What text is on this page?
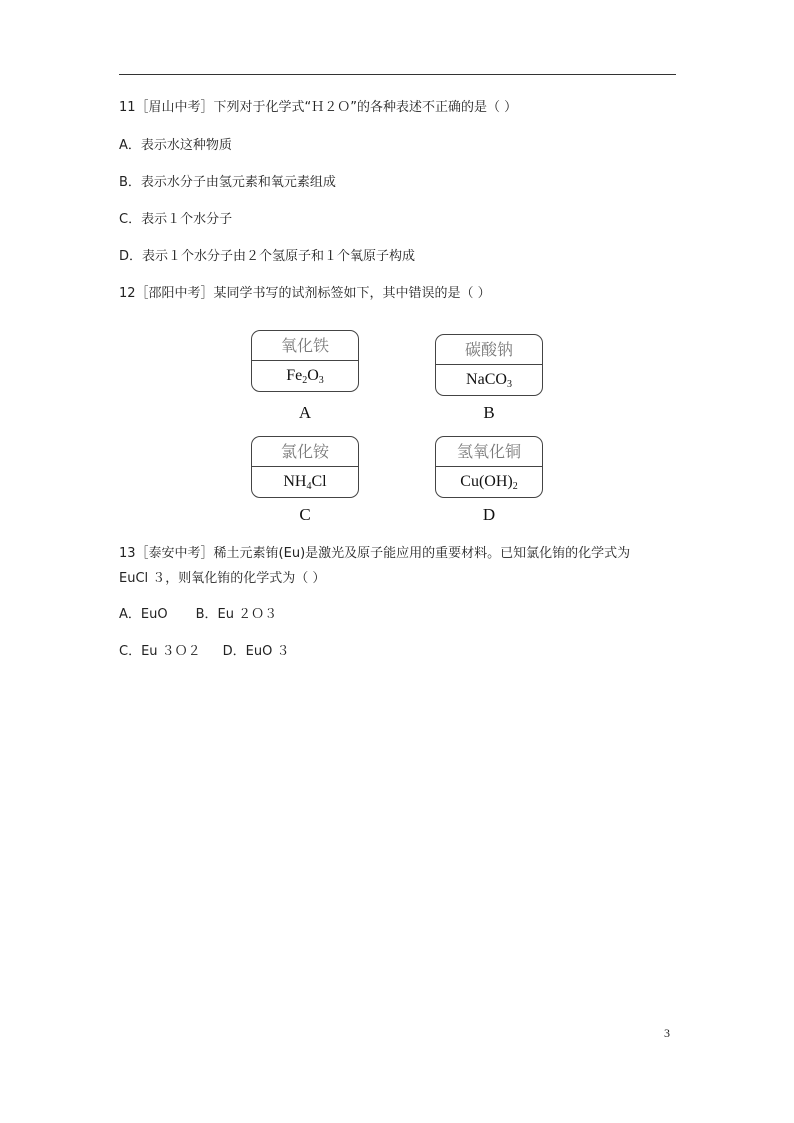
11［眉山中考］下列对于化学式“Ｈ２Ｏ”的各种表述不正确的是（ ）
A．表示水这种物质
B．表示水分子由氢元素和氧元素组成
C．表示１个水分子
D．表示１个水分子由２个氢原子和１个氧原子构成
12［邵阳中考］某同学书写的试剂标签如下，其中错误的是（ ）
氧化铁
$Fe_2O_3$
A
碳酸钠
NaCO$_3$
B
氯化铵
$NH_4Cl$
C
氢氧化铜
$Cu(OH)_2$
D
13［泰安中考］稀土元素铕(Eu)是激光及原子能应用的重要材料。已知氯化铕的化学式为
EuCl ３，则氧化铕的化学式为（ ）
A．EuO B．Eu ２Ｏ３
C．Eu ３Ｏ２ D．EuO ３
3
